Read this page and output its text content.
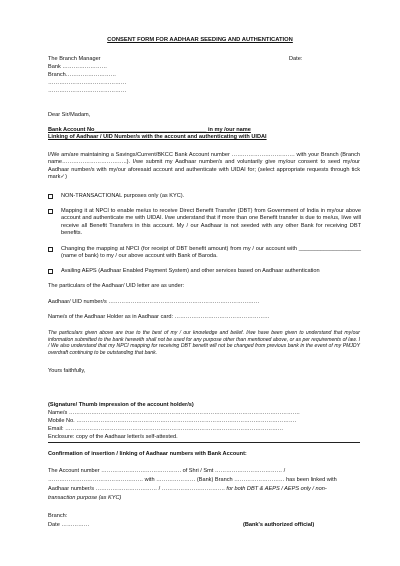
CONSENT FORM FOR AADHAAR SEEDING AND AUTHENTICATION
The Branch Manager	Date:
Bank ……………………
Branch………………………
……………………………………
……………………………………
Dear Sir/Madam,
Bank Account No____________________________________ in my /our name
Linking of Aadhaar / UID Number/s with the account and authenticating with UIDAI
I/We am/are maintaining a Savings/Current/BKCC Bank Account number ……………………………. with your Branch (Branch name……………………………..). I/we submit my Aadhaar number/s and voluntarily give my/our consent to seed my/our Aadhaar number/s with my/our aforesaid account and authenticate with UIDAI for; (select appropriate requests through tick mark✓)
NON-TRANSACTIONAL purposes only (as KYC).
Mapping it at NPCI to enable me/us to receive Direct Benefit Transfer (DBT) from Government of India in my/our above account and authenticate me with UIDAI. I/we understand that if more than one Benefit transfer is due to me/us, I/we will receive all Benefit Transfers in this account. My / our Aadhaar is not seeded with any other Bank for receiving DBT benefits.
Changing the mapping at NPCI (for receipt of DBT benefit amount) from my / our account with ____________________ (name of bank) to my / our above account with Bank of Baroda.
Availing AEPS (Aadhaar Enabled Payment System) and other services based on Aadhaar authentication
The particulars of the Aadhaar/ UID letter are as under:
Aadhaar/ UID number/s ………………………………………………………………………
Name/s of the Aadhaar Holder as in Aadhaar card: ……………………………………………
The particulars given above are true to the best of my / our knowledge and belief. I/we have been given to understand that my/our information submitted to the bank herewith shall not be used for any purpose other than mentioned above, or as per requirements of law. I / We also understand that my NPCI mapping for receiving DBT benefit will not be changed from previous bank in the event of my PMJDY overdraft continuing to be outstanding that bank.
Yours faithfully,
(Signature/ Thumb impression of the account holder/s)
Name/s …………………………………………………………………………………………………………….
Mobile No. ……………………………………………………………………………………………………….
Email: ………………………………………………………………………………………………………
Enclosure: copy of the Aadhaar letter/s self-attested.
Confirmation of insertion / linking of Aadhaar numbers with Bank Account:
The Account number ……………………………………. of Shri / Smt ……………………………… /
…………………………………………… with ………………… (Bank) Branch ……………………… has been linked with
Aadhaar number/s …………………………… / ……………………………. for both DBT & AEPS / AEPS only / non-
transaction purpose (as KYC)
Branch:
Date ……………	(Bank's authorized official)
